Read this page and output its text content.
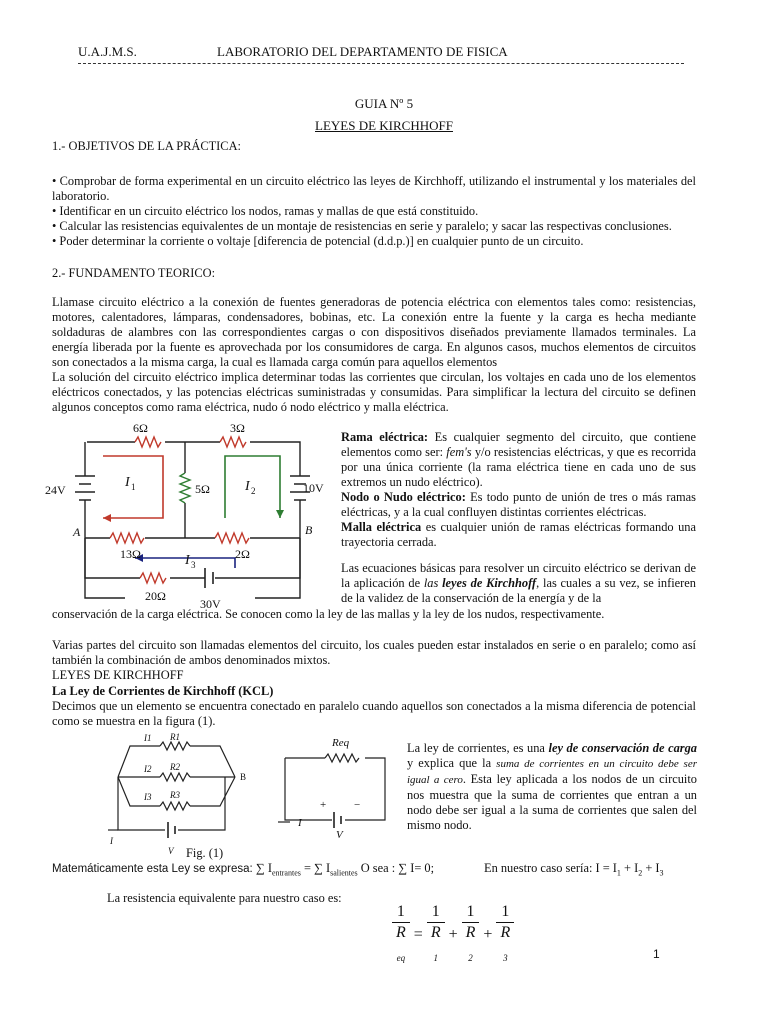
U.A.J.M.S.	LABORATORIO DEL DEPARTAMENTO DE FISICA
GUIA Nº 5
LEYES DE KIRCHHOFF
1.- OBJETIVOS DE LA PRÁCTICA:
• Comprobar de forma experimental en un circuito eléctrico las leyes de Kirchhoff, utilizando el instrumental y los materiales del laboratorio.
• Identificar en un circuito eléctrico los nodos, ramas y mallas de que está constituido.
• Calcular las resistencias equivalentes de un montaje de resistencias en serie y paralelo; y sacar las respectivas conclusiones.
• Poder determinar la corriente o voltaje [diferencia de potencial (d.d.p.)] en cualquier punto de un circuito.
2.- FUNDAMENTO TEORICO:
Llamase circuito eléctrico a la conexión de fuentes generadoras de potencia eléctrica con elementos tales como: resistencias, motores, calentadores, lámparas, condensadores, bobinas, etc. La conexión entre la fuente y la carga es hecha mediante soldaduras de alambres con las correspondientes cargas o con dispositivos diseñados previamente llamados terminales. La energía liberada por la fuente es aprovechada por los consumidores de carga. En algunos casos, muchos elementos de circuitos son conectados a la misma carga, la cual es llamada carga común para aquellos elementos
La solución del circuito eléctrico implica determinar todas las corrientes que circulan, los voltajes en cada uno de los elementos eléctricos conectados, y las potencias eléctricas suministradas y consumidas. Para simplificar la lectura del circuito se definen algunos conceptos como rama eléctrica, nudo ó nodo eléctrico y malla eléctrica.
6Ω	3Ω
5Ω
13Ω	2Ω
20Ω
24V	10V
30V
A	B
I 1	I 2
I 3
Rama eléctrica: Es cualquier segmento del circuito, que contiene elementos como ser: fem's y/o resistencias eléctricas, y que es recorrida por una única corriente (la rama eléctrica tiene en cada uno de sus extremos un nudo eléctrico).
Nodo o Nudo eléctrico: Es todo punto de unión de tres o más ramas eléctricas, y a la cual confluyen distintas corrientes eléctricas.
Malla eléctrica es cualquier unión de ramas eléctricas formando una trayectoria cerrada.
Las ecuaciones básicas para resolver un circuito eléctrico se derivan de la aplicación de las leyes de Kirchhoff, las cuales a su vez, se infieren de la validez de la conservación de la energía y de la
conservación de la carga eléctrica. Se conocen como la ley de las mallas y la ley de los nudos, respectivamente.
Varias partes del circuito son llamadas elementos del circuito, los cuales pueden estar instalados en serie o en paralelo; como así también la combinación de ambos denominados mixtos.
LEYES DE KIRCHHOFF
La Ley de Corrientes de Kirchhoff (KCL)
Decimos que un elemento se encuentra conectado en paralelo cuando aquellos son conectados a la misma diferencia de potencial como se muestra en la figura (1).
I1 R1
I2 R2
I3 R3
B
I
V Fig. (1)
Req
+	−
I
V
La ley de corrientes, es una ley de conservación de carga y explica que la suma de corrientes en un circuito debe ser igual a cero. Esta ley aplicada a los nodos de un circuito nos muestra que la suma de corrientes que entran a un nodo debe ser igual a la suma de corrientes que salen del mismo nodo.
Matemáticamente esta Ley se expresa: ∑ $I_{entrantes}$ = ∑ $I_{salientes}$ O sea : ∑ I= 0;	En nuestro caso sería: $I = I_1 + I_2 + I_3$
La resistencia equivalente para nuestro caso es:
1
R
$_{eq}$ = 1
R
$_1$ + 1
R
$_2$ + 1
R
$_3$	1
